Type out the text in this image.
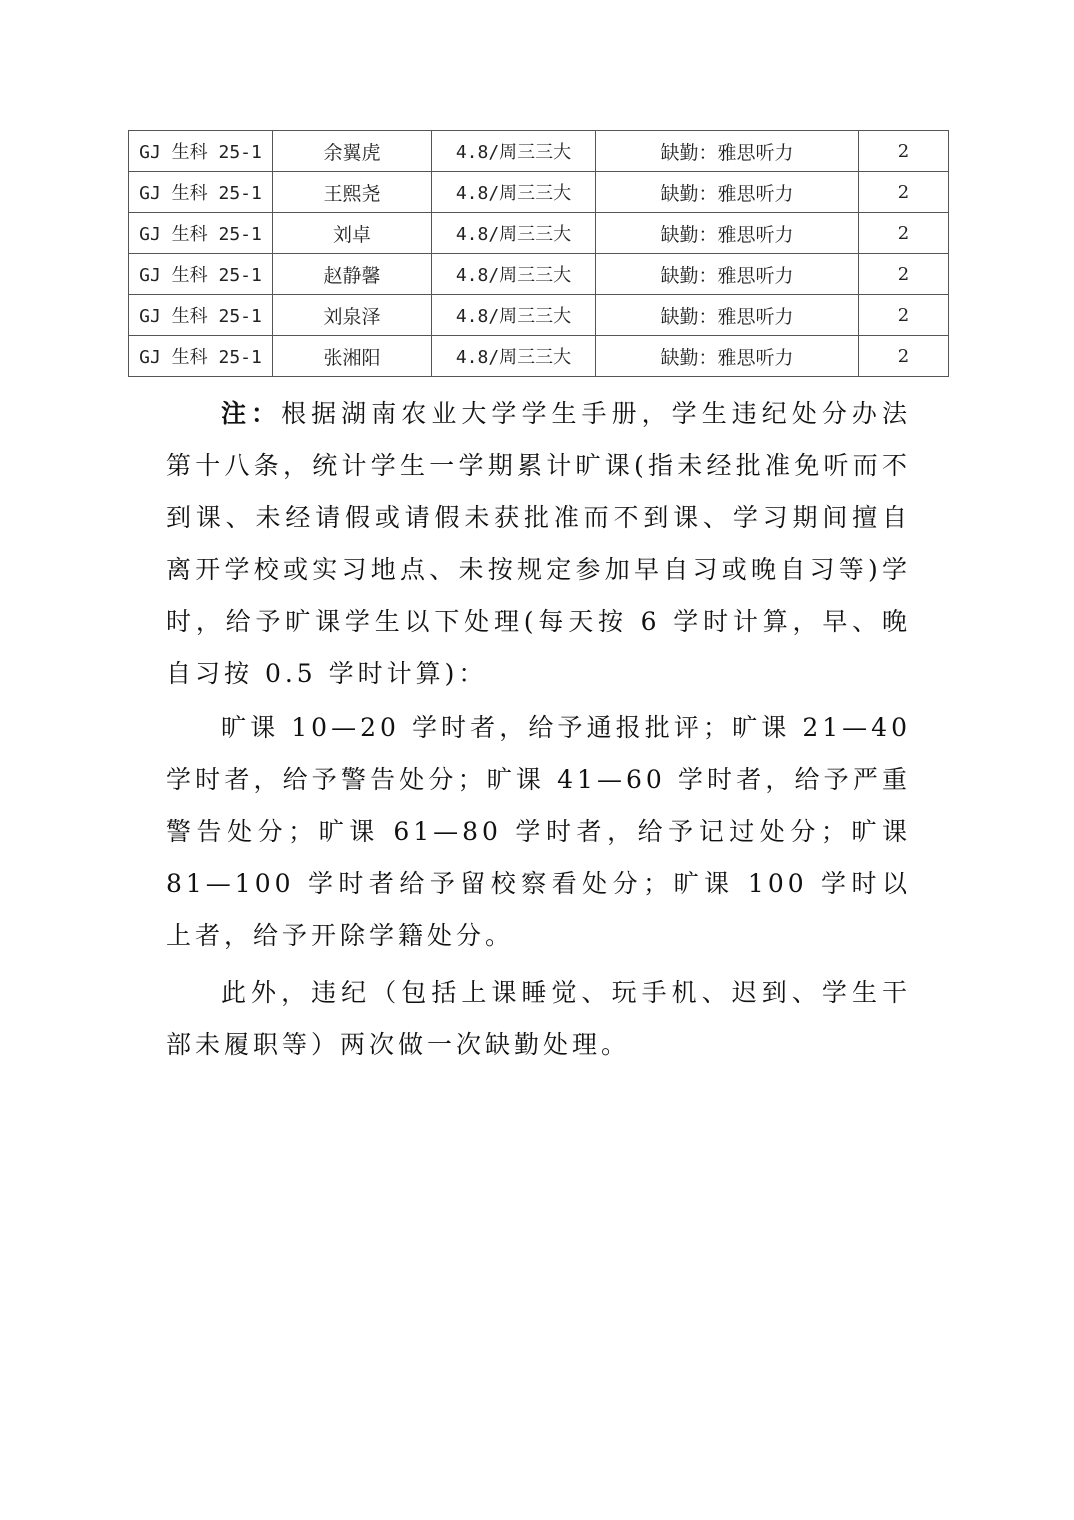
GJ 生科 25-1	余翼虎	4.8/周三三大	缺勤：雅思听力	2
GJ 生科 25-1	王熙尧	4.8/周三三大	缺勤：雅思听力	2
GJ 生科 25-1	刘卓	4.8/周三三大	缺勤：雅思听力	2
GJ 生科 25-1	赵静馨	4.8/周三三大	缺勤：雅思听力	2
GJ 生科 25-1	刘泉泽	4.8/周三三大	缺勤：雅思听力	2
GJ 生科 25-1	张湘阳	4.8/周三三大	缺勤：雅思听力	2

注：根据湖南农业大学学生手册，学生违纪处分办法第十八条，统计学生一学期累计旷课(指未经批准免听而不到课、未经请假或请假未获批准而不到课、学习期间擅自离开学校或实习地点、未按规定参加早自习或晚自习等)学时，给予旷课学生以下处理(每天按 6 学时计算，早、晚自习按 0.5 学时计算)：

旷课 10—20 学时者，给予通报批评；旷课 21—40 学时者，给予警告处分；旷课 41—60 学时者，给予严重警告处分；旷课 61—80 学时者，给予记过处分；旷课 81—100 学时者给予留校察看处分；旷课 100 学时以上者，给予开除学籍处分。

此外，违纪（包括上课睡觉、玩手机、迟到、学生干部未履职等）两次做一次缺勤处理。
